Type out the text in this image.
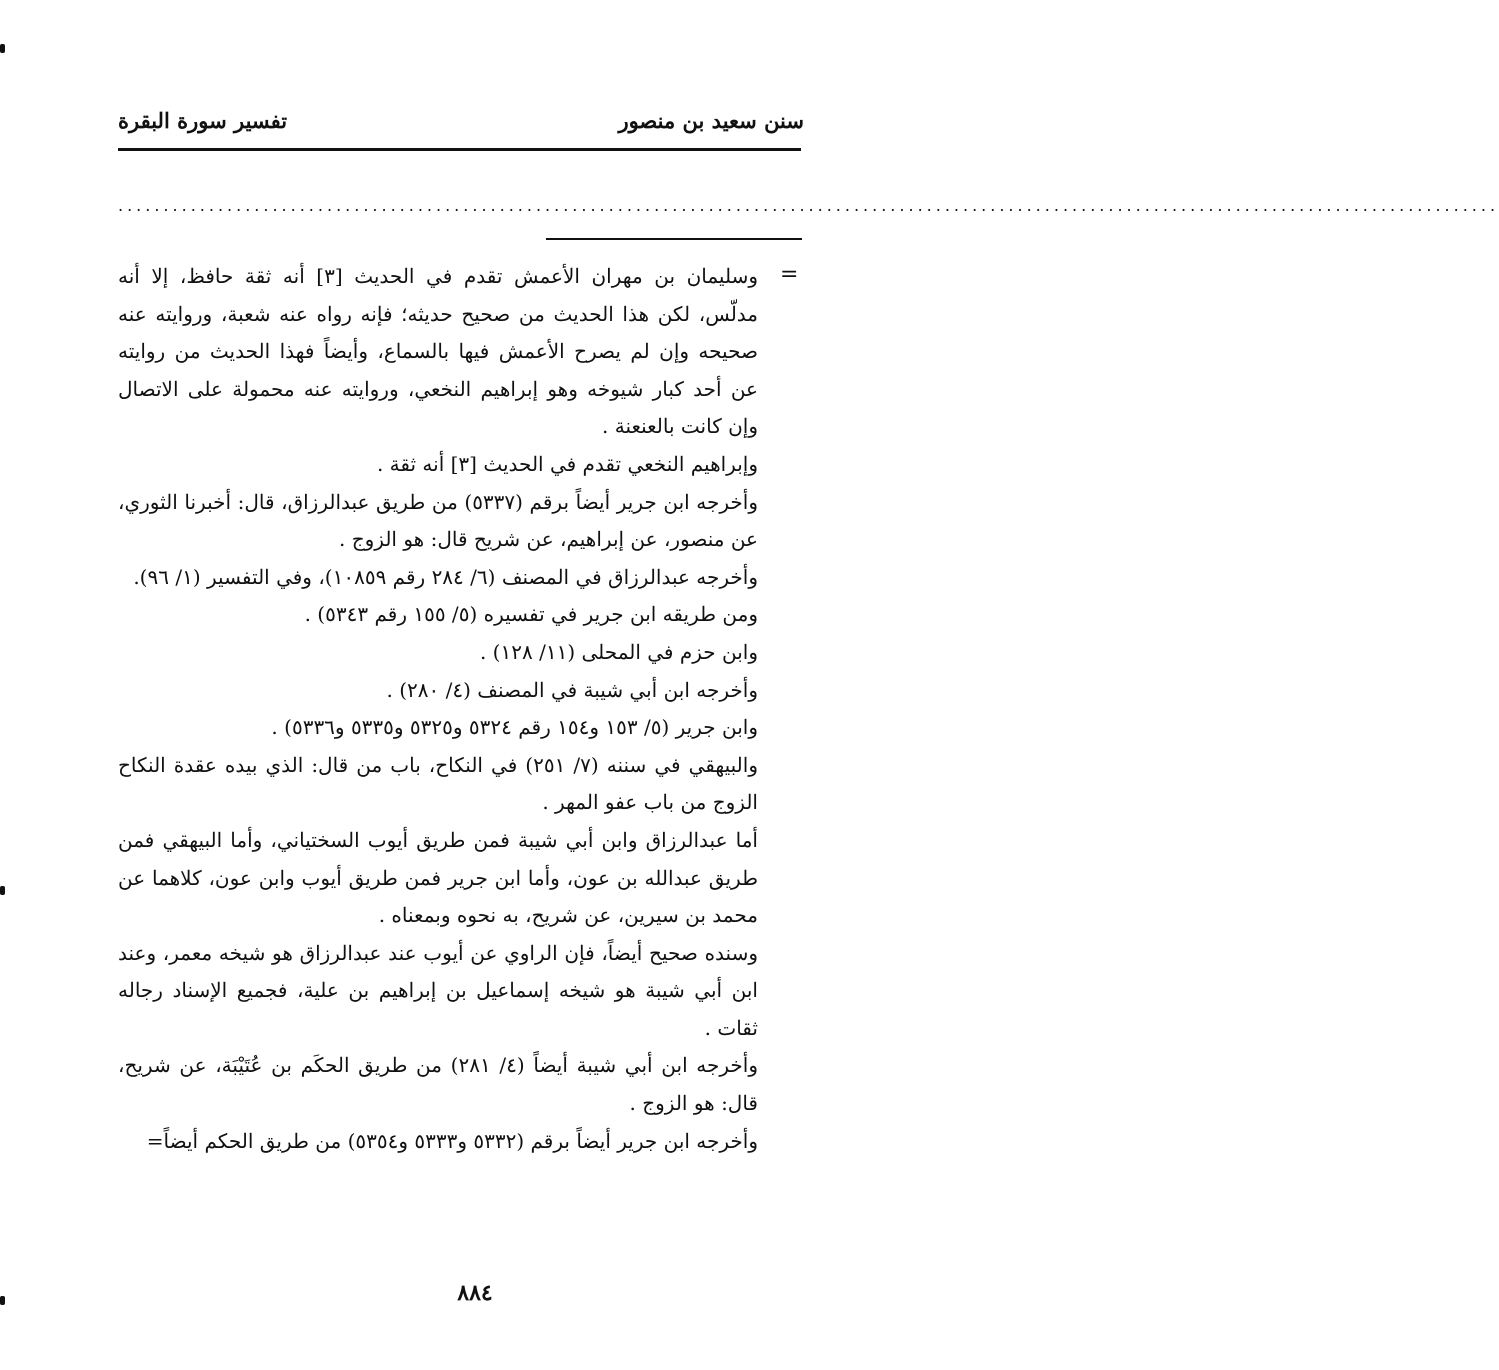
سنن سعيد بن منصور
تفسير سورة البقرة
........................................................................................................................................................
=

وسليمان بن مهران الأعمش تقدم في الحديث [٣] أنه ثقة حافظ، إلا أنه مدلّس، لكن هذا الحديث من صحيح حديثه؛ فإنه رواه عنه شعبة، وروايته عنه صحيحه وإن لم يصرح الأعمش فيها بالسماع، وأيضاً فهذا الحديث من روايته عن أحد كبار شيوخه وهو إبراهيم النخعي، وروايته عنه محمولة على الاتصال وإن كانت بالعنعنة .

وإبراهيم النخعي تقدم في الحديث [٣] أنه ثقة .

وأخرجه ابن جرير أيضاً برقم (٥٣٣٧) من طريق عبدالرزاق، قال: أخبرنا الثوري، عن منصور، عن إبراهيم، عن شريح قال: هو الزوج .

وأخرجه عبدالرزاق في المصنف (٦/ ٢٨٤ رقم ١٠٨٥٩)، وفي التفسير (١/ ٩٦).

ومن طريقه ابن جرير في تفسيره (٥/ ١٥٥ رقم ٥٣٤٣) .

وابن حزم في المحلى (١١/ ١٢٨) .

وأخرجه ابن أبي شيبة في المصنف (٤/ ٢٨٠) .

وابن جرير (٥/ ١٥٣ و١٥٤ رقم ٥٣٢٤ و٥٣٢٥ و٥٣٣٥ و٥٣٣٦) .

والبيهقي في سننه (٧/ ٢٥١) في النكاح، باب من قال: الذي بيده عقدة النكاح الزوج من باب عفو المهر .

أما عبدالرزاق وابن أبي شيبة فمن طريق أيوب السختياني، وأما البيهقي فمن طريق عبدالله بن عون، وأما ابن جرير فمن طريق أيوب وابن عون، كلاهما عن محمد بن سيرين، عن شريح، به نحوه وبمعناه .

وسنده صحيح أيضاً، فإن الراوي عن أيوب عند عبدالرزاق هو شيخه معمر، وعند ابن أبي شيبة هو شيخه إسماعيل بن إبراهيم بن علية، فجميع الإسناد رجاله ثقات .

وأخرجه ابن أبي شيبة أيضاً (٤/ ٢٨١) من طريق الحكَم بن عُتَيْبَة، عن شريح، قال: هو الزوج .

وأخرجه ابن جرير أيضاً برقم (٥٣٣٢ و٥٣٣٣ و٥٣٥٤) من طريق الحكم أيضاً=

٨٨٤
